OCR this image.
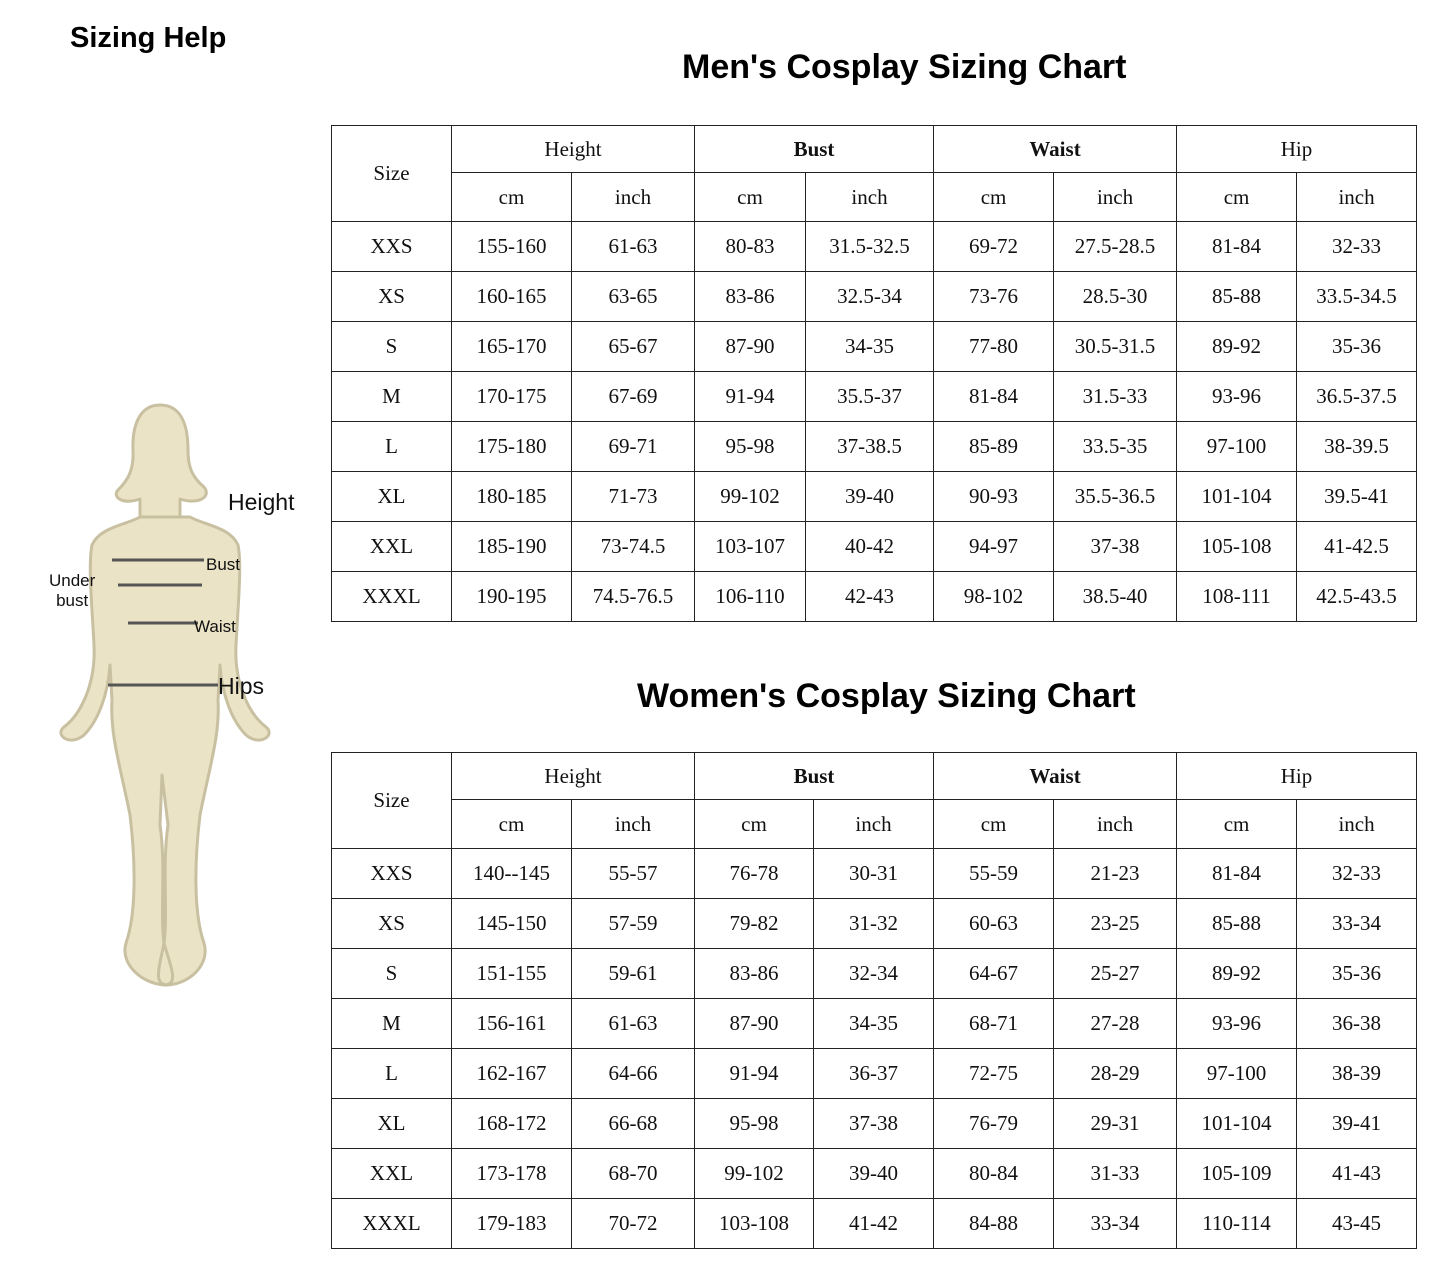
Sizing Help
Men's Cosplay Sizing Chart
Size	Height		Bust		Waist		Hip	
	cm	inch	cm	inch	cm	inch	cm	inch
XXS	155-160	61-63	80-83	31.5-32.5	69-72	27.5-28.5	81-84	32-33
XS	160-165	63-65	83-86	32.5-34	73-76	28.5-30	85-88	33.5-34.5
S	165-170	65-67	87-90	34-35	77-80	30.5-31.5	89-92	35-36
M	170-175	67-69	91-94	35.5-37	81-84	31.5-33	93-96	36.5-37.5
L	175-180	69-71	95-98	37-38.5	85-89	33.5-35	97-100	38-39.5
XL	180-185	71-73	99-102	39-40	90-93	35.5-36.5	101-104	39.5-41
XXL	185-190	73-74.5	103-107	40-42	94-97	37-38	105-108	41-42.5
XXXL	190-195	74.5-76.5	106-110	42-43	98-102	38.5-40	108-111	42.5-43.5
Women's Cosplay Sizing Chart
Size	Height		Bust		Waist		Hip	
	cm	inch	cm	inch	cm	inch	cm	inch
XXS	140--145	55-57	76-78	30-31	55-59	21-23	81-84	32-33
XS	145-150	57-59	79-82	31-32	60-63	23-25	85-88	33-34
S	151-155	59-61	83-86	32-34	64-67	25-27	89-92	35-36
M	156-161	61-63	87-90	34-35	68-71	27-28	93-96	36-38
L	162-167	64-66	91-94	36-37	72-75	28-29	97-100	38-39
XL	168-172	66-68	95-98	37-38	76-79	29-31	101-104	39-41
XXL	173-178	68-70	99-102	39-40	80-84	31-33	105-109	41-43
XXXL	179-183	70-72	103-108	41-42	84-88	33-34	110-114	43-45
Height
Bust
Under
bust
Waist
Hips
